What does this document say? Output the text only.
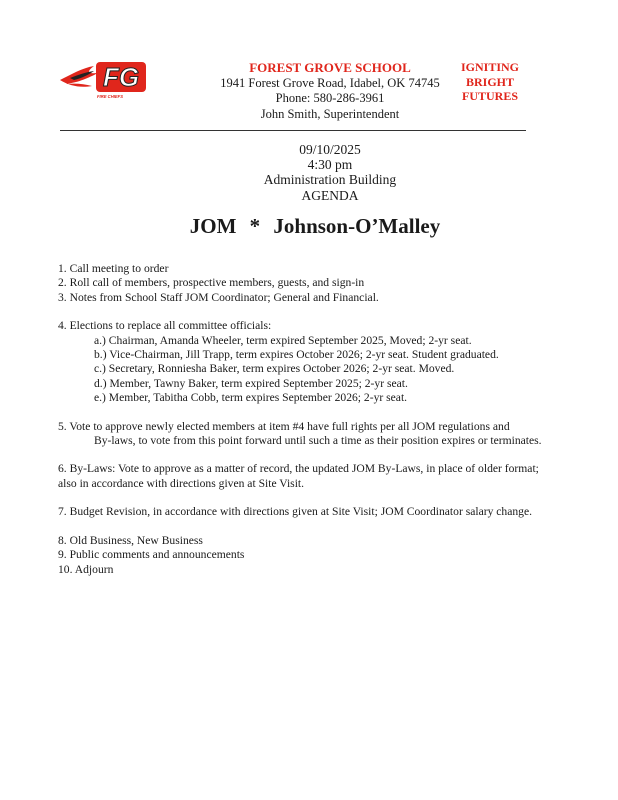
FG
FIRE CHIEFS
FOREST GROVE SCHOOL
1941 Forest Grove Road, Idabel, OK 74745
Phone: 580-286-3961
John Smith, Superintendent
IGNITING
BRIGHT
FUTURES
09/10/2025
4:30 pm
Administration Building
AGENDA
JOM * Johnson-O’Malley
1. Call meeting to order
2. Roll call of members, prospective members, guests, and sign-in
3. Notes from School Staff JOM Coordinator; General and Financial.
4. Elections to replace all committee officials:
a.) Chairman, Amanda Wheeler, term expired September 2025, Moved; 2-yr seat.
b.) Vice-Chairman, Jill Trapp, term expires October 2026; 2-yr seat. Student graduated.
c.) Secretary, Ronniesha Baker, term expires October 2026; 2-yr seat. Moved.
d.) Member, Tawny Baker, term expired September 2025; 2-yr seat.
e.) Member, Tabitha Cobb, term expires September 2026; 2-yr seat.
5. Vote to approve newly elected members at item #4 have full rights per all JOM regulations and
By-laws, to vote from this point forward until such a time as their position expires or terminates.
6. By-Laws: Vote to approve as a matter of record, the updated JOM By-Laws, in place of older format;
also in accordance with directions given at Site Visit.
7. Budget Revision, in accordance with directions given at Site Visit; JOM Coordinator salary change.
8. Old Business, New Business
9. Public comments and announcements
10. Adjourn
